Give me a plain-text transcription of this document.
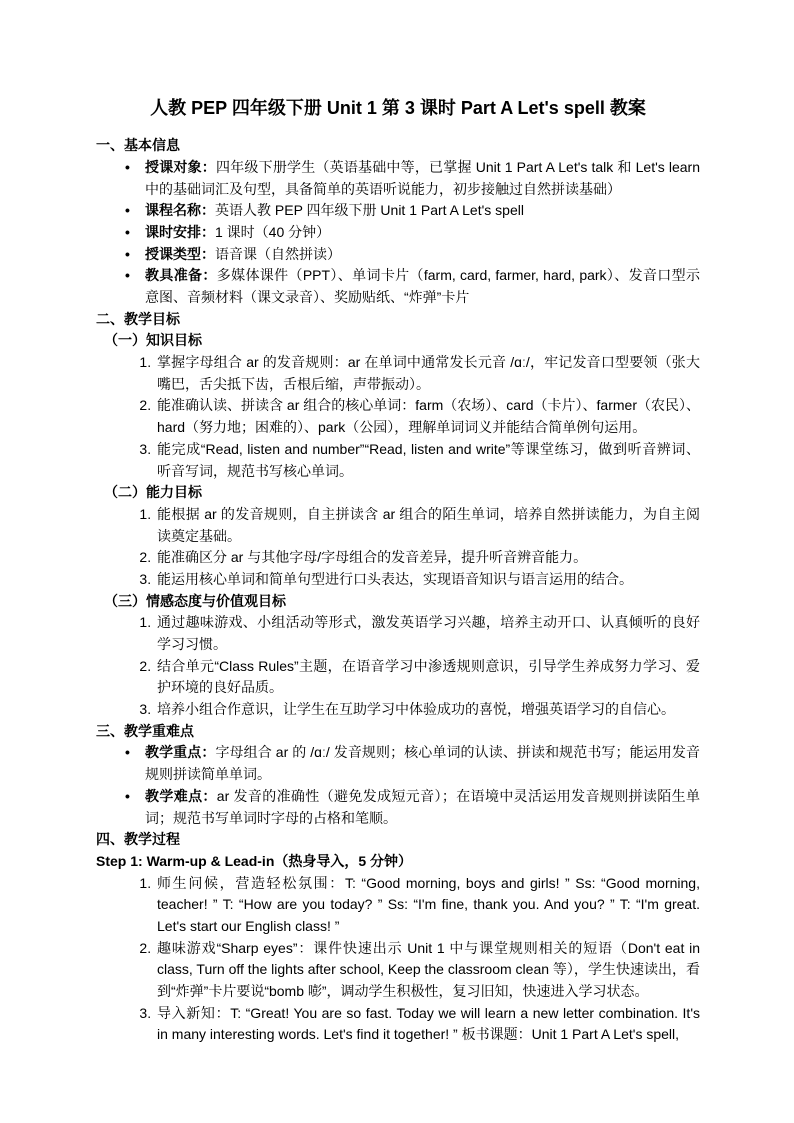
人教 PEP 四年级下册 Unit 1 第 3 课时 Part A Let's spell 教案
一、基本信息
• 授课对象：四年级下册学生（英语基础中等，已掌握 Unit 1 Part A Let's talk 和 Let's learn 中的基础词汇及句型，具备简单的英语听说能力，初步接触过自然拼读基础）
• 课程名称：英语人教 PEP 四年级下册 Unit 1 Part A Let's spell
• 课时安排：1 课时（40 分钟）
• 授课类型：语音课（自然拼读）
• 教具准备：多媒体课件（PPT）、单词卡片（farm, card, farmer, hard, park）、发音口型示意图、音频材料（课文录音）、奖励贴纸、“炸弹”卡片
二、教学目标
（一）知识目标
1. 掌握字母组合 ar 的发音规则：ar 在单词中通常发长元音 /ɑː/，牢记发音口型要领（张大嘴巴，舌尖抵下齿，舌根后缩，声带振动）。
2. 能准确认读、拼读含 ar 组合的核心单词：farm（农场）、card（卡片）、farmer（农民）、hard（努力地；困难的）、park（公园），理解单词词义并能结合简单例句运用。
3. 能完成“Read, listen and number”“Read, listen and write”等课堂练习，做到听音辨词、听音写词，规范书写核心单词。
（二）能力目标
1. 能根据 ar 的发音规则，自主拼读含 ar 组合的陌生单词，培养自然拼读能力，为自主阅读奠定基础。
2. 能准确区分 ar 与其他字母/字母组合的发音差异，提升听音辨音能力。
3. 能运用核心单词和简单句型进行口头表达，实现语音知识与语言运用的结合。
（三）情感态度与价值观目标
1. 通过趣味游戏、小组活动等形式，激发英语学习兴趣，培养主动开口、认真倾听的良好学习习惯。
2. 结合单元“Class Rules”主题，在语音学习中渗透规则意识，引导学生养成努力学习、爱护环境的良好品质。
3. 培养小组合作意识，让学生在互助学习中体验成功的喜悦，增强英语学习的自信心。
三、教学重难点
• 教学重点：字母组合 ar 的 /ɑː/ 发音规则；核心单词的认读、拼读和规范书写；能运用发音规则拼读简单单词。
• 教学难点：ar 发音的准确性（避免发成短元音）；在语境中灵活运用发音规则拼读陌生单词；规范书写单词时字母的占格和笔顺。
四、教学过程
Step 1: Warm-up & Lead-in（热身导入，5 分钟）
1. 师生问候，营造轻松氛围：T: “Good morning, boys and girls! ” Ss: “Good morning, teacher! ” T: “How are you today? ” Ss: “I'm fine, thank you. And you? ” T: “I'm great. Let's start our English class! ”
2. 趣味游戏“Sharp eyes”：课件快速出示 Unit 1 中与课堂规则相关的短语（Don't eat in class, Turn off the lights after school, Keep the classroom clean 等），学生快速读出，看到“炸弹”卡片要说“bomb 嘭”，调动学生积极性，复习旧知，快速进入学习状态。
3. 导入新知：T: “Great! You are so fast. Today we will learn a new letter combination. It's in many interesting words. Let's find it together! ” 板书课题：Unit 1 Part A Let's spell,
